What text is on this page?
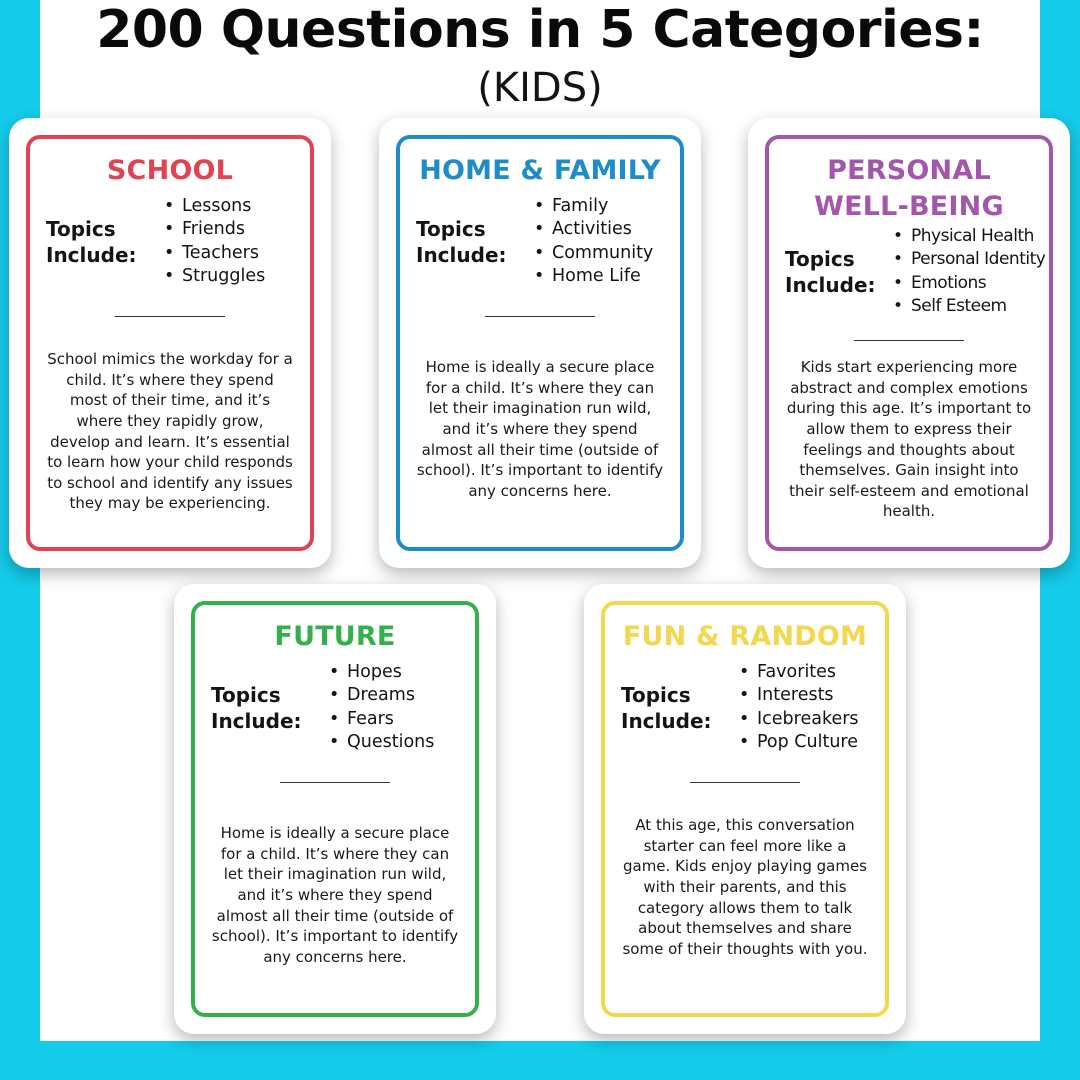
200 Questions in 5 Categories:
(KIDS)
SCHOOL
Topics Include:
• Lessons
• Friends
• Teachers
• Struggles

School mimics the workday for a child. It’s where they spend most of their time, and it’s where they rapidly grow, develop and learn. It’s essential to learn how your child responds to school and identify any issues they may be experiencing.

HOME & FAMILY
Topics Include:
• Family
• Activities
• Community
• Home Life

Home is ideally a secure place for a child. It’s where they can let their imagination run wild, and it’s where they spend almost all their time (outside of school). It’s important to identify any concerns here.

PERSONAL WELL-BEING
Topics Include:
• Physical Health
• Personal Identity
• Emotions
• Self Esteem

Kids start experiencing more abstract and complex emotions during this age. It’s important to allow them to express their feelings and thoughts about themselves. Gain insight into their self-esteem and emotional health.

FUTURE
Topics Include:
• Hopes
• Dreams
• Fears
• Questions

Home is ideally a secure place for a child. It’s where they can let their imagination run wild, and it’s where they spend almost all their time (outside of school). It’s important to identify any concerns here.

FUN & RANDOM
Topics Include:
• Favorites
• Interests
• Icebreakers
• Pop Culture

At this age, this conversation starter can feel more like a game. Kids enjoy playing games with their parents, and this category allows them to talk about themselves and share some of their thoughts with you.
